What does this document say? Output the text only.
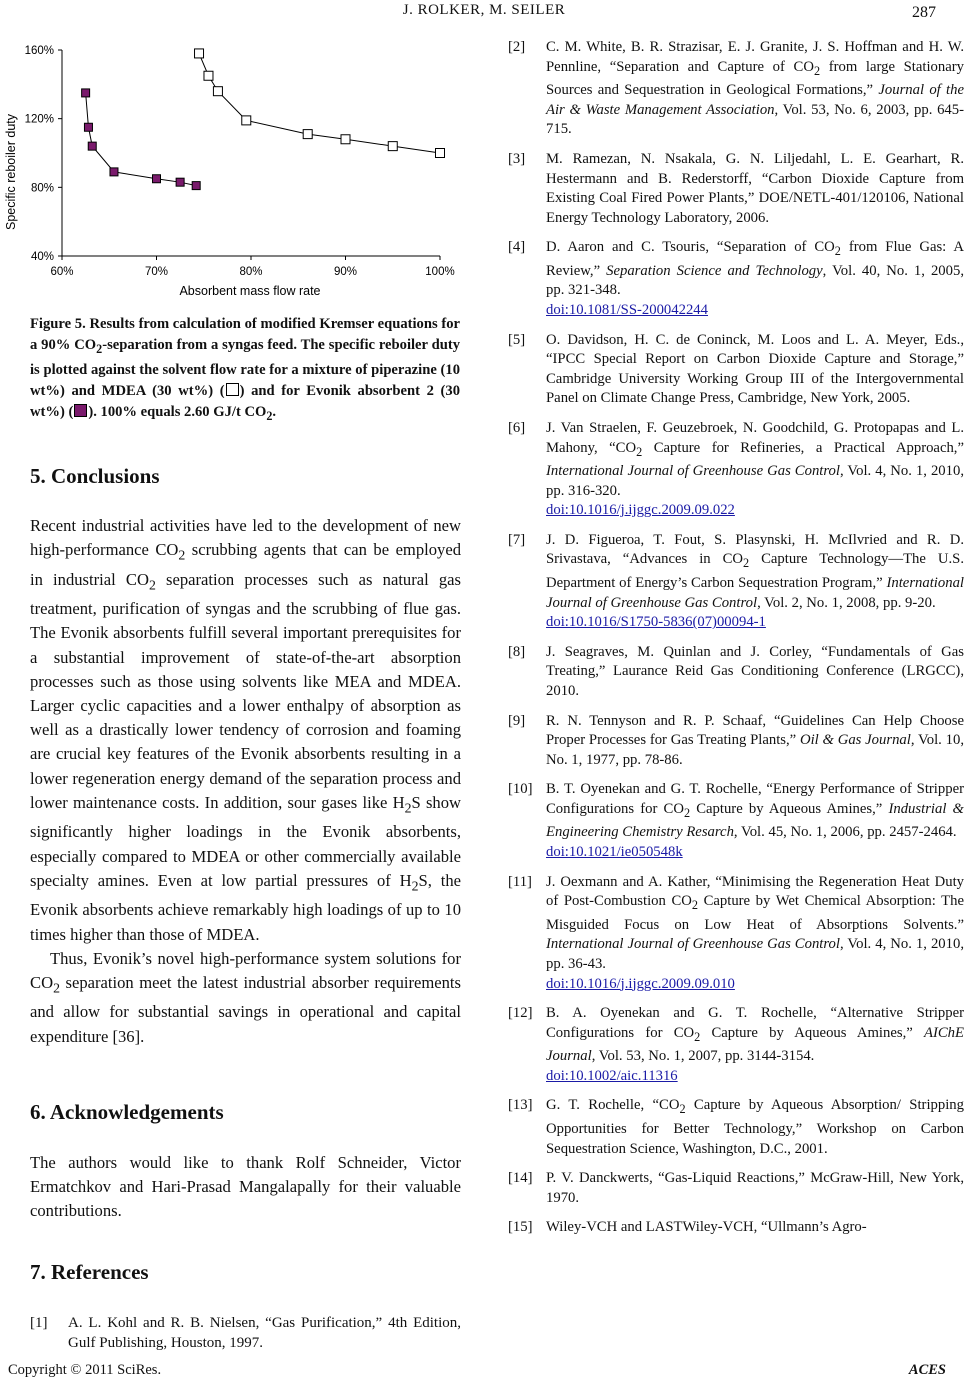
J. ROLKER, M. SEILER	287
40%
80%
120%
160%
60%	70%	80%	90%	100%
Absorbent mass flow rate
Specific reboiler duty
Figure 5. Results from calculation of modified Kremser equations for a 90% $CO_2$-separation from a syngas feed. The specific reboiler duty is plotted against the solvent flow rate for a mixture of piperazine (10 wt%) and MDEA (30 wt%) ( ) and for Evonik absorbent 2 (30 wt%) ( ). 100% equals 2.60 GJ/t $CO_2$.
5. Conclusions

Recent industrial activities have led to the development of new high-performance $CO_2$ scrubbing agents that can be employed in industrial $CO_2$ separation processes such as natural gas treatment, purification of syngas and the scrubbing of flue gas. The Evonik absorbents fulfill several important prerequisites for a substantial improvement of state-of-the-art absorption processes such as those using solvents like MEA and MDEA. Larger cyclic capacities and a lower enthalpy of absorption as well as a drastically lower tendency of corrosion and foaming are crucial key features of the Evonik absorbents resulting in a lower regeneration energy demand of the separation process and lower maintenance costs. In addition, sour gases like $H_2S$ show significantly higher loadings in the Evonik absorbents, especially compared to MDEA or other commercially available specialty amines. Even at low partial pressures of $H_2S$, the Evonik absorbents achieve remarkably high loadings of up to 10 times higher than those of MDEA.

Thus, Evonik’s novel high-performance system solutions for $CO_2$ separation meet the latest industrial absorber requirements and allow for substantial savings in operational and capital expenditure [36].

6. Acknowledgements

The authors would like to thank Rolf Schneider, Victor Ermatchkov and Hari-Prasad Mangalapally for their valuable contributions.

7. References
[1] A. L. Kohl and R. B. Nielsen, “Gas Purification,” 4th Edition, Gulf Publishing, Houston, 1997.
[2] C. M. White, B. R. Strazisar, E. J. Granite, J. S. Hoffman and H. W. Pennline, “Separation and Capture of $CO_2$ from large Stationary Sources and Sequestration in Geological Formations,” Journal of the Air & Waste Management Association, Vol. 53, No. 6, 2003, pp. 645-715.
[3] M. Ramezan, N. Nsakala, G. N. Liljedahl, L. E. Gearhart, R. Hestermann and B. Rederstorff, “Carbon Dioxide Capture from Existing Coal Fired Power Plants,” DOE/NETL-401/120106, National Energy Technology Laboratory, 2006.
[4] D. Aaron and C. Tsouris, “Separation of $CO_2$ from Flue Gas: A Review,” Separation Science and Technology, Vol. 40, No. 1, 2005, pp. 321-348.
doi:10.1081/SS-200042244
[5] O. Davidson, H. C. de Coninck, M. Loos and L. A. Meyer, Eds., “IPCC Special Report on Carbon Dioxide Capture and Storage,” Cambridge University Working Group III of the Intergovernmental Panel on Climate Change Press, Cambridge, New York, 2005.
[6] J. Van Straelen, F. Geuzebroek, N. Goodchild, G. Protopapas and L. Mahony, “$CO_2$ Capture for Refineries, a Practical Approach,” International Journal of Greenhouse Gas Control, Vol. 4, No. 1, 2010, pp. 316-320.
doi:10.1016/j.ijggc.2009.09.022
[7] J. D. Figueroa, T. Fout, S. Plasynski, H. McIlvried and R. D. Srivastava, “Advances in $CO_2$ Capture Technology—The U.S. Department of Energy’s Carbon Sequestration Program,” International Journal of Greenhouse Gas Control, Vol. 2, No. 1, 2008, pp. 9-20.
doi:10.1016/S1750-5836(07)00094-1
[8] J. Seagraves, M. Quinlan and J. Corley, “Fundamentals of Gas Treating,” Laurance Reid Gas Conditioning Conference (LRGCC), 2010.
[9] R. N. Tennyson and R. P. Schaaf, “Guidelines Can Help Choose Proper Processes for Gas Treating Plants,” Oil & Gas Journal, Vol. 10, No. 1, 1977, pp. 78-86.
[10] B. T. Oyenekan and G. T. Rochelle, “Energy Performance of Stripper Configurations for $CO_2$ Capture by Aqueous Amines,” Industrial & Engineering Chemistry Resarch, Vol. 45, No. 1, 2006, pp. 2457-2464.
doi:10.1021/ie050548k
[11] J. Oexmann and A. Kather, “Minimising the Regeneration Heat Duty of Post-Combustion $CO_2$ Capture by Wet Chemical Absorption: The Misguided Focus on Low Heat of Absorptions Solvents.” International Journal of Greenhouse Gas Control, Vol. 4, No. 1, 2010, pp. 36-43.
doi:10.1016/j.ijggc.2009.09.010
[12] B. A. Oyenekan and G. T. Rochelle, “Alternative Stripper Configurations for $CO_2$ Capture by Aqueous Amines,” AIChE Journal, Vol. 53, No. 1, 2007, pp. 3144-3154.
doi:10.1002/aic.11316
[13] G. T. Rochelle, “$CO_2$ Capture by Aqueous Absorption/ Stripping Opportunities for Better Technology,” Workshop on Carbon Sequestration Science, Washington, D.C., 2001.
[14] P. V. Danckwerts, “Gas-Liquid Reactions,” McGraw-Hill, New York, 1970.
[15] Wiley-VCH and LASTWiley-VCH, “Ullmann’s Agro-
Copyright © 2011 SciRes.	ACES
